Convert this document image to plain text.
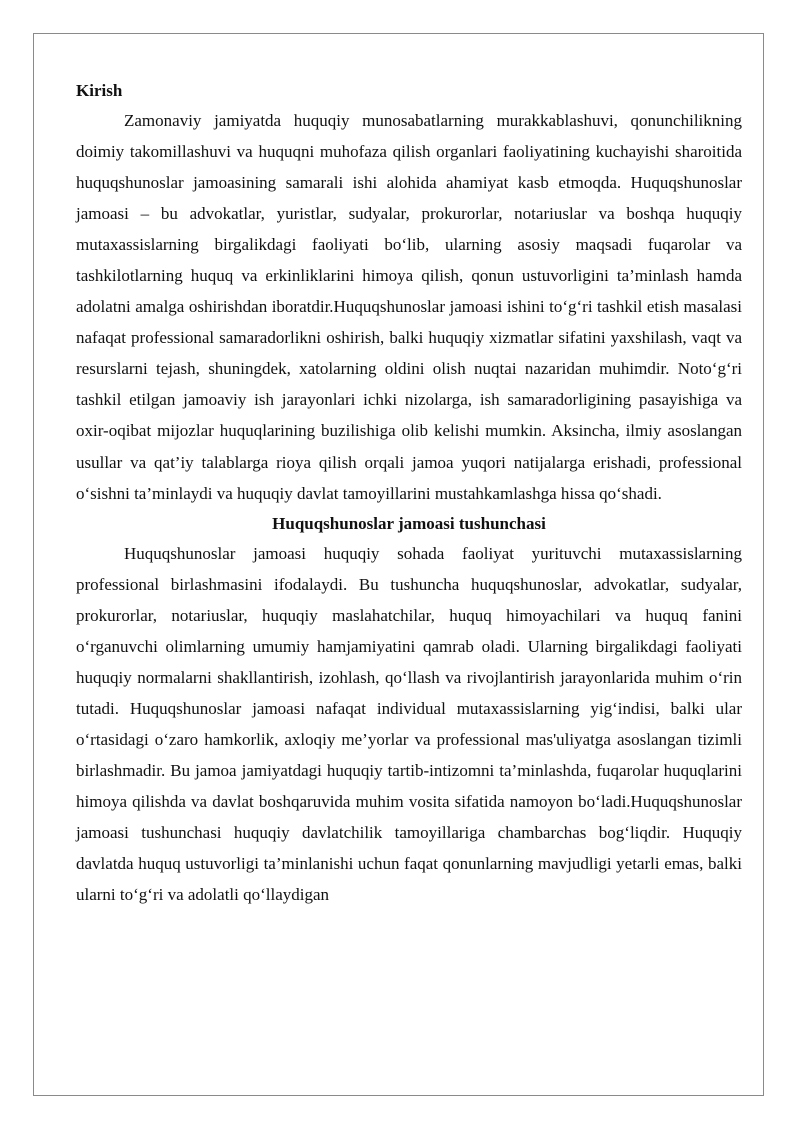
Kirish

Zamonaviy jamiyatda huquqiy munosabatlarning murakkablashuvi, qonunchilikning doimiy takomillashuvi va huquqni muhofaza qilish organlari faoliyatining kuchayishi sharoitida huquqshunoslar jamoasining samarali ishi alohida ahamiyat kasb etmoqda. Huquqshunoslar jamoasi – bu advokatlar, yuristlar, sudyalar, prokurorlar, notariuslar va boshqa huquqiy mutaxassislarning birgalikdagi faoliyati bo‘lib, ularning asosiy maqsadi fuqarolar va tashkilotlarning huquq va erkinliklarini himoya qilish, qonun ustuvorligini ta’minlash hamda adolatni amalga oshirishdan iboratdir.Huquqshunoslar jamoasi ishini to‘g‘ri tashkil etish masalasi nafaqat professional samaradorlikni oshirish, balki huquqiy xizmatlar sifatini yaxshilash, vaqt va resurslarni tejash, shuningdek, xatolarning oldini olish nuqtai nazaridan muhimdir. Noto‘g‘ri tashkil etilgan jamoaviy ish jarayonlari ichki nizolarga, ish samaradorligining pasayishiga va oxir-oqibat mijozlar huquqlarining buzilishiga olib kelishi mumkin. Aksincha, ilmiy asoslangan usullar va qat’iy talablarga rioya qilish orqali jamoa yuqori natijalarga erishadi, professional o‘sishni ta’minlaydi va huquqiy davlat tamoyillarini mustahkamlashga hissa qo‘shadi.

Huquqshunoslar jamoasi tushunchasi

Huquqshunoslar jamoasi huquqiy sohada faoliyat yurituvchi mutaxassislarning professional birlashmasini ifodalaydi. Bu tushuncha huquqshunoslar, advokatlar, sudyalar, prokurorlar, notariuslar, huquqiy maslahatchilar, huquq himoyachilari va huquq fanini o‘rganuvchi olimlarning umumiy hamjamiyatini qamrab oladi. Ularning birgalikdagi faoliyati huquqiy normalarni shakllantirish, izohlash, qo‘llash va rivojlantirish jarayonlarida muhim o‘rin tutadi. Huquqshunoslar jamoasi nafaqat individual mutaxassislarning yig‘indisi, balki ular o‘rtasidagi o‘zaro hamkorlik, axloqiy me’yorlar va professional mas'uliyatga asoslangan tizimli birlashmadir. Bu jamoa jamiyatdagi huquqiy tartib-intizomni ta’minlashda, fuqarolar huquqlarini himoya qilishda va davlat boshqaruvida muhim vosita sifatida namoyon bo‘ladi.Huquqshunoslar jamoasi tushunchasi huquqiy davlatchilik tamoyillariga chambarchas bog‘liqdir. Huquqiy davlatda huquq ustuvorligi ta’minlanishi uchun faqat qonunlarning mavjudligi yetarli emas, balki ularni to‘g‘ri va adolatli qo‘llaydigan
